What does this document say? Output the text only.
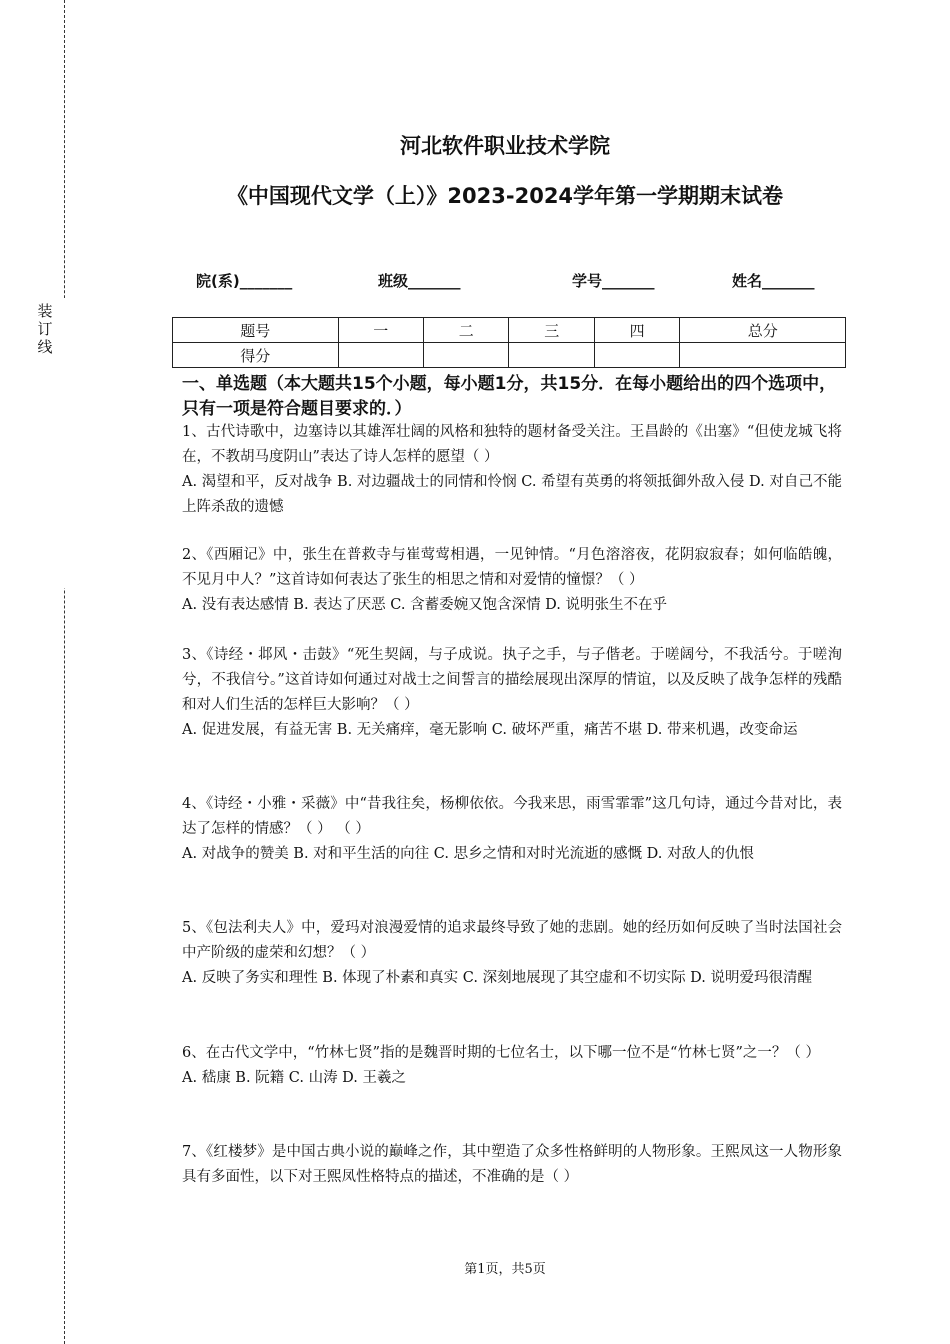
装
订
线
河北软件职业技术学院
《中国现代文学（上）》2023-2024学年第一学期期末试卷
院(系)_______	班级_______	学号_______	姓名_______
题号	一	二	三	四	总分
得分					
一、单选题（本大题共15个小题，每小题1分，共15分．在每小题给出的四个选项中，只有一项是符合题目要求的．）

1、古代诗歌中，边塞诗以其雄浑壮阔的风格和独特的题材备受关注。王昌龄的《出塞》“但使龙城飞将在，不教胡马度阴山”表达了诗人怎样的愿望（ ）

A. 渴望和平，反对战争 B. 对边疆战士的同情和怜悯 C. 希望有英勇的将领抵御外敌入侵 D. 对自己不能上阵杀敌的遗憾

2、《西厢记》中，张生在普救寺与崔莺莺相遇，一见钟情。“月色溶溶夜，花阴寂寂春；如何临皓魄，不见月中人？”这首诗如何表达了张生的相思之情和对爱情的憧憬？（ ）

A. 没有表达感情 B. 表达了厌恶 C. 含蓄委婉又饱含深情 D. 说明张生不在乎

3、《诗经・邶风・击鼓》“死生契阔，与子成说。执子之手，与子偕老。于嗟阔兮，不我活兮。于嗟洵兮，不我信兮。”这首诗如何通过对战士之间誓言的描绘展现出深厚的情谊，以及反映了战争怎样的残酷和对人们生活的怎样巨大影响？（ ）

A. 促进发展，有益无害 B. 无关痛痒，毫无影响 C. 破坏严重，痛苦不堪 D. 带来机遇，改变命运

4、《诗经・小雅・采薇》中“昔我往矣，杨柳依依。今我来思，雨雪霏霏”这几句诗，通过今昔对比，表达了怎样的情感？（ ） （ ）

A. 对战争的赞美 B. 对和平生活的向往 C. 思乡之情和对时光流逝的感慨 D. 对敌人的仇恨

5、《包法利夫人》中，爱玛对浪漫爱情的追求最终导致了她的悲剧。她的经历如何反映了当时法国社会中产阶级的虚荣和幻想？（ ）

A. 反映了务实和理性 B. 体现了朴素和真实 C. 深刻地展现了其空虚和不切实际 D. 说明爱玛很清醒

6、在古代文学中，“竹林七贤”指的是魏晋时期的七位名士，以下哪一位不是“竹林七贤”之一？（ ）

A. 嵇康 B. 阮籍 C. 山涛 D. 王羲之

7、《红楼梦》是中国古典小说的巅峰之作，其中塑造了众多性格鲜明的人物形象。王熙凤这一人物形象具有多面性，以下对王熙凤性格特点的描述，不准确的是（ ）

第1页，共5页
